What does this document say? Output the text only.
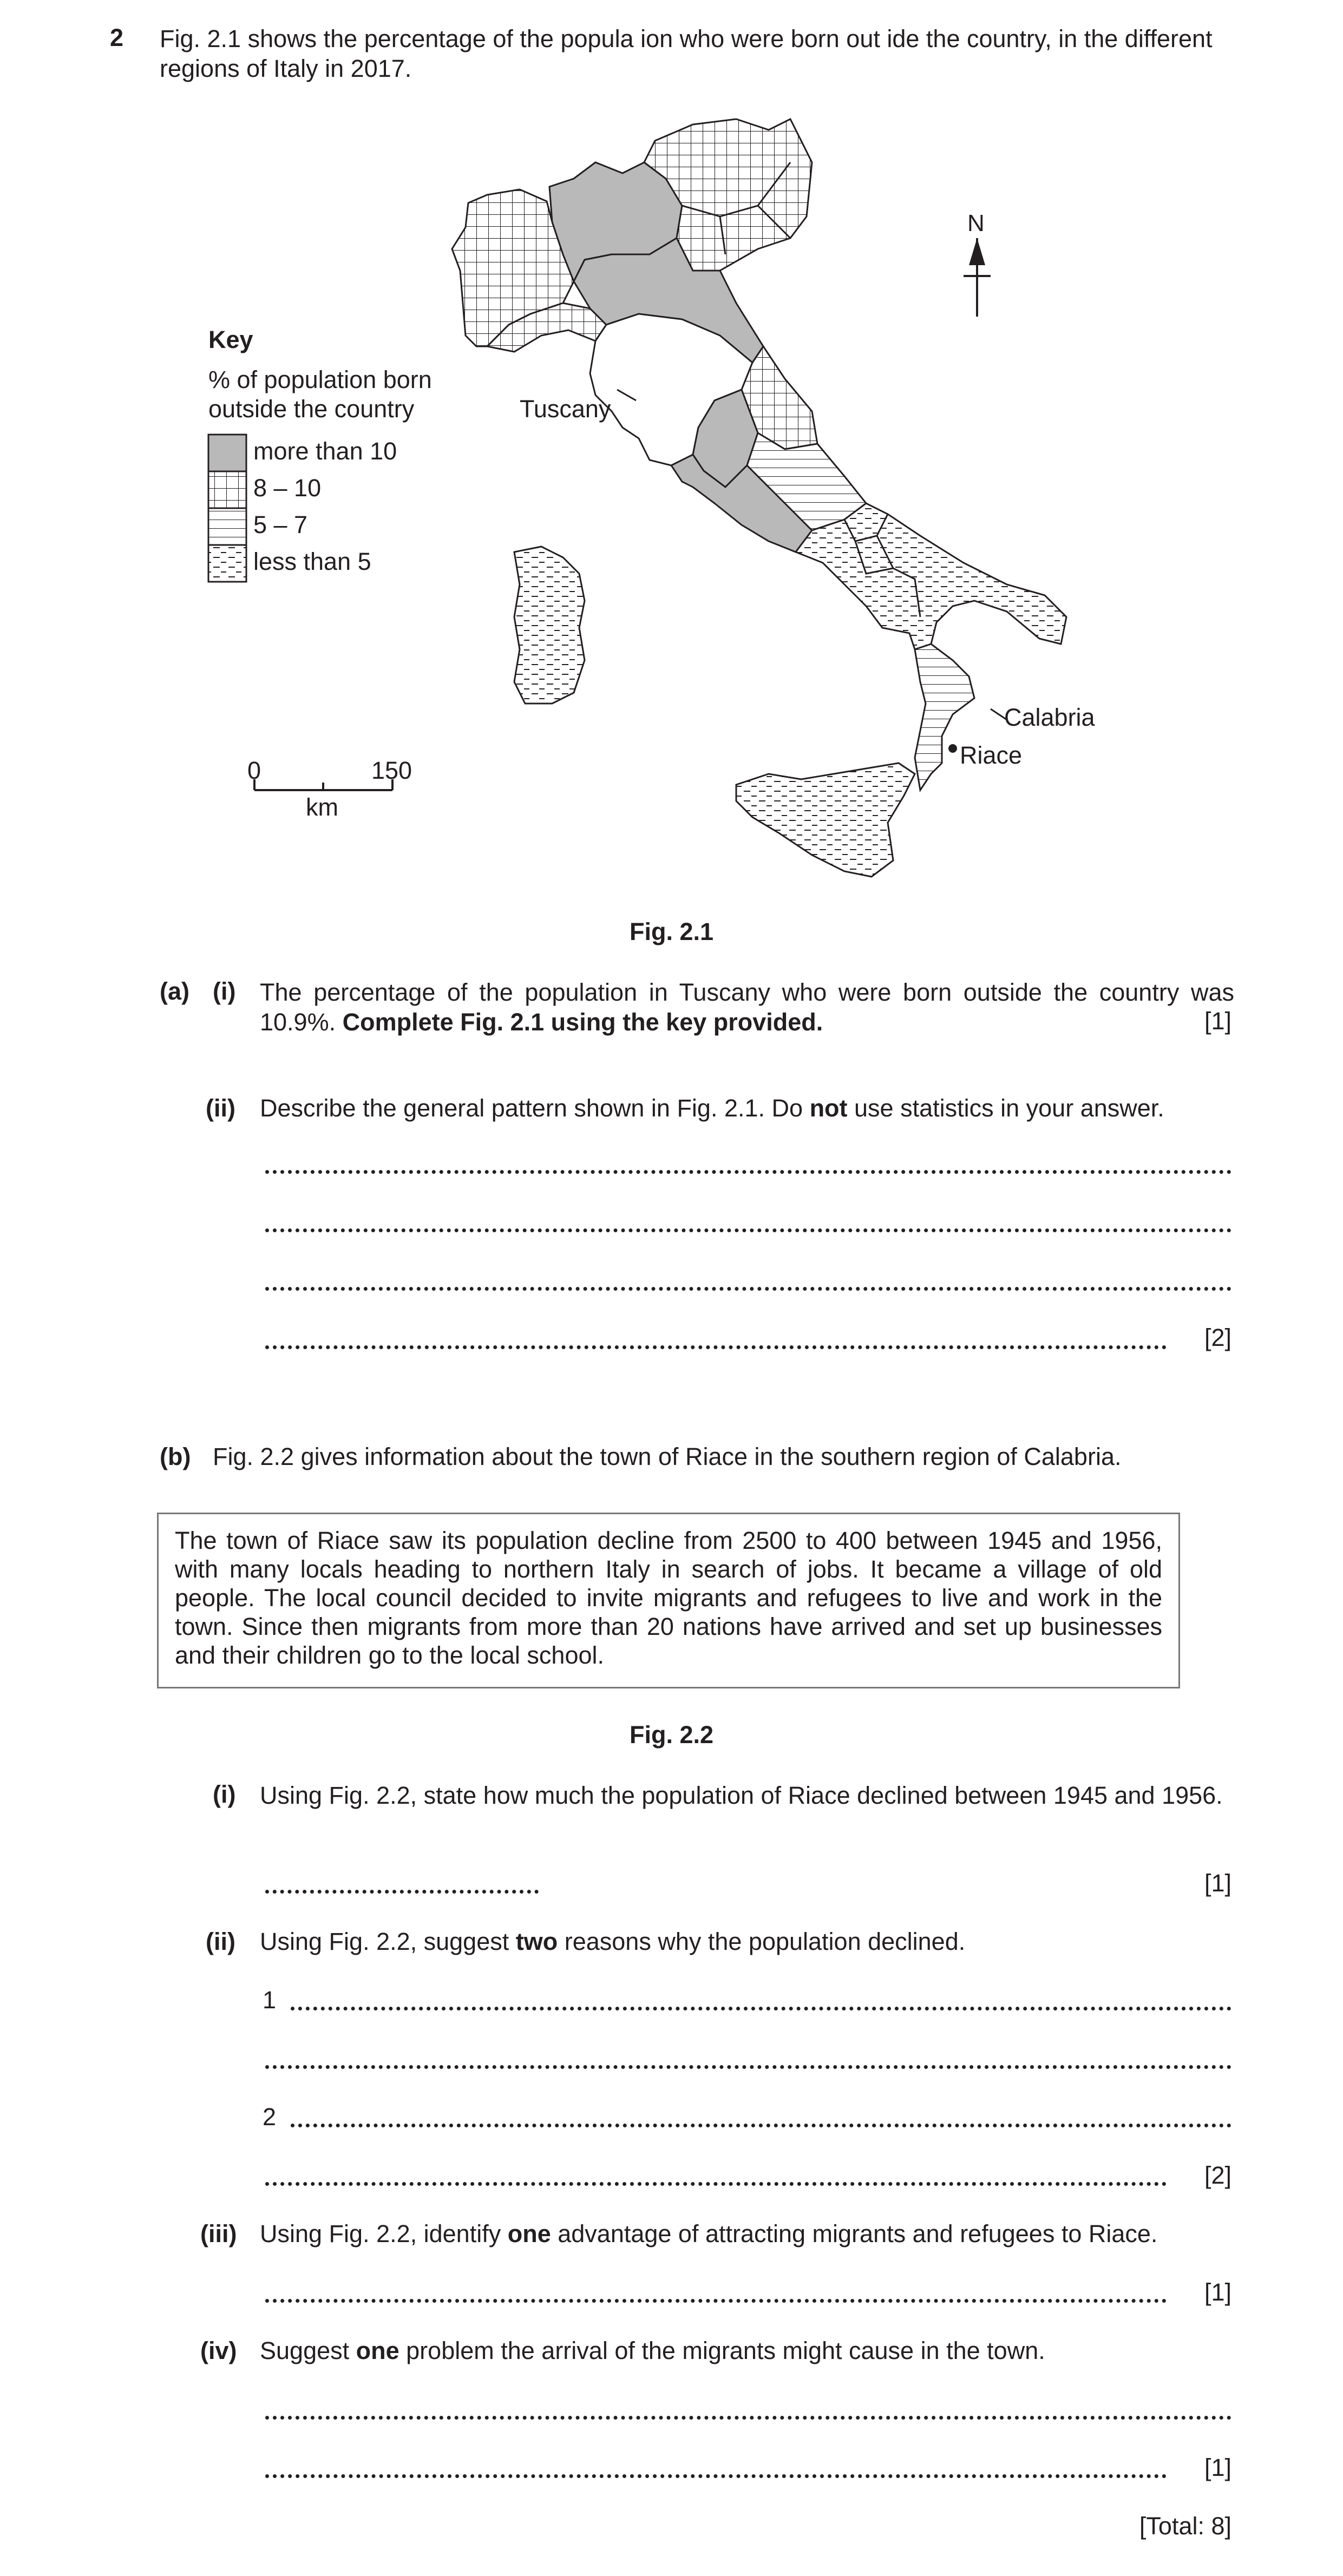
2 Fig. 2.1 shows the percentage of the popula ion who were born out ide the country, in the different regions of Italy in 2017.
N
Key
% of population born
outside the country
more than 10
8 – 10
5 – 7
less than 5
Tuscany
Calabria
Riace
0	150
km
Fig. 2.1
(a) (i) The percentage of the population in Tuscany who were born outside the country was 10.9%. Complete Fig. 2.1 using the key provided.	[1]
(ii) Describe the general pattern shown in Fig. 2.1. Do not use statistics in your answer.
[2]
(b) Fig. 2.2 gives information about the town of Riace in the southern region of Calabria.
The town of Riace saw its population decline from 2500 to 400 between 1945 and 1956, with many locals heading to northern Italy in search of jobs. It became a village of old people. The local council decided to invite migrants and refugees to live and work in the town. Since then migrants from more than 20 nations have arrived and set up businesses and their children go to the local school.
Fig. 2.2
(i) Using Fig. 2.2, state how much the population of Riace declined between 1945 and 1956.
[1]
(ii) Using Fig. 2.2, suggest two reasons why the population declined.
1
2
[2]
(iii) Using Fig. 2.2, identify one advantage of attracting migrants and refugees to Riace.
[1]
(iv) Suggest one problem the arrival of the migrants might cause in the town.
[1]
[Total: 8]
